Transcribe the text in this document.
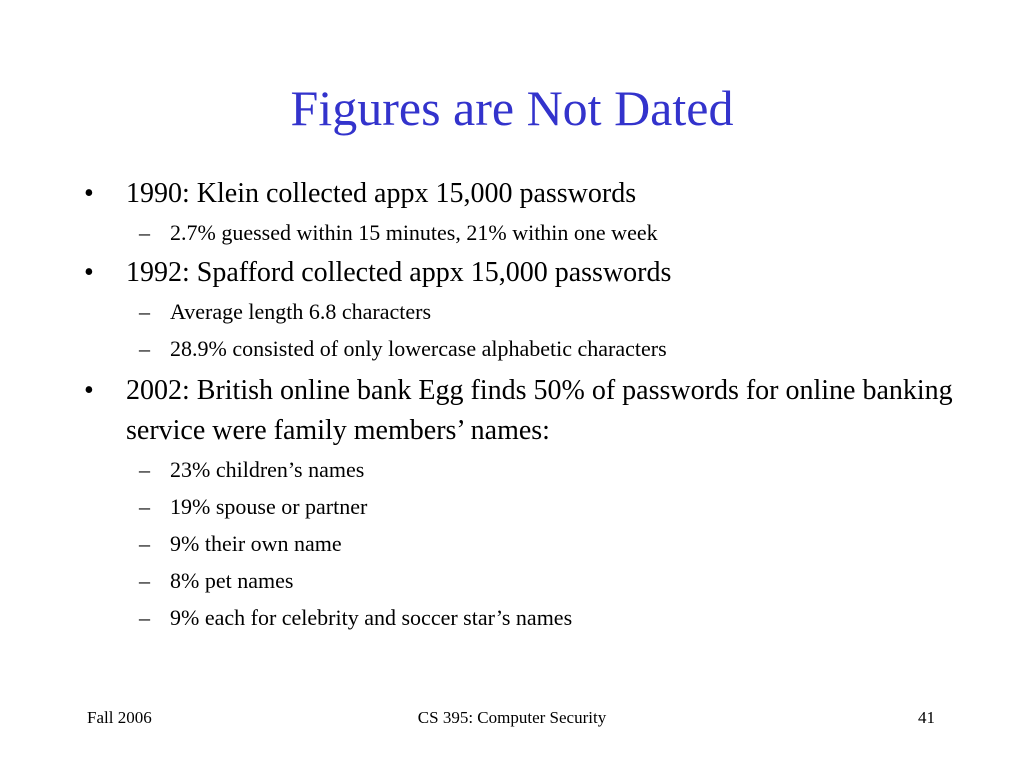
Figures are Not Dated
•	1990: Klein collected appx 15,000 passwords
– 2.7% guessed within 15 minutes, 21% within one week
•	1992: Spafford collected appx 15,000 passwords
– Average length 6.8 characters
– 28.9% consisted of only lowercase alphabetic characters
•	2002: British online bank Egg finds 50% of passwords for online banking service were family members’ names:
– 23% children’s names
– 19% spouse or partner
– 9% their own name
– 8% pet names
– 9% each for celebrity and soccer star’s names
Fall 2006	CS 395: Computer Security	41
